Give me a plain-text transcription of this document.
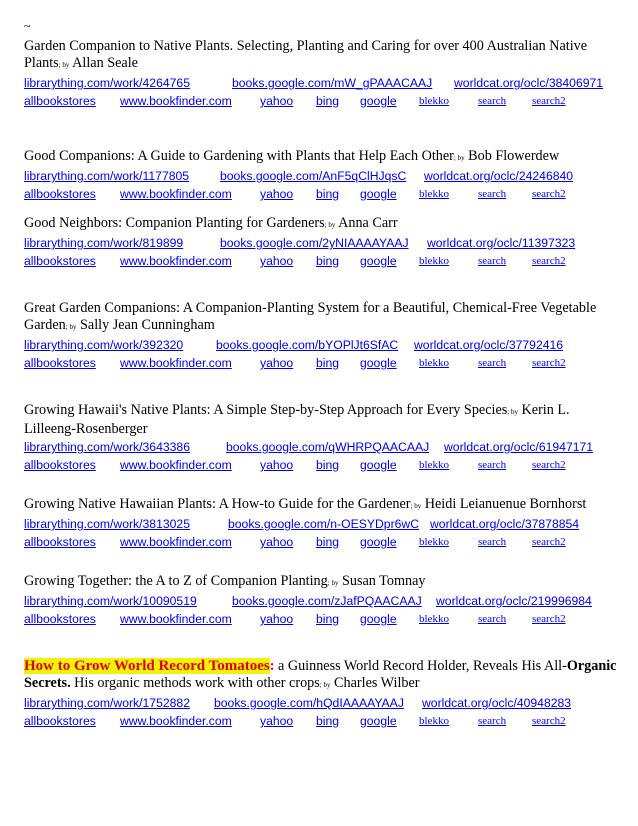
~
Garden Companion to Native Plants. Selecting, Planting and Caring for over 400 Australian Native Plants; by Allan Seale
librarything.com/work/4264765	books.google.com/mW_gPAAACAAJ worldcat.org/oclc/38406971
allbookstores www.bookfinder.com yahoo bing google blekko	search search2
Good Companions: A Guide to Gardening with Plants that Help Each Other; by Bob Flowerdew
librarything.com/work/1177805	books.google.com/AnF5qClHJqsC worldcat.org/oclc/24246840
allbookstores www.bookfinder.com yahoo bing google blekko	search search2
Good Neighbors: Companion Planting for Gardeners; by Anna Carr
librarything.com/work/819899	books.google.com/2yNIAAAAYAAJ worldcat.org/oclc/11397323
allbookstores www.bookfinder.com yahoo bing google blekko	search search2
Great Garden Companions: A Companion-Planting System for a Beautiful, Chemical-Free Vegetable Garden; by Sally Jean Cunningham
librarything.com/work/392320	books.google.com/bYOPlJt6SfAC worldcat.org/oclc/37792416
allbookstores www.bookfinder.com yahoo bing google blekko	search search2
Growing Hawaii's Native Plants: A Simple Step-by-Step Approach for Every Species; by Kerin L. Lilleeng-Rosenberger
librarything.com/work/3643386	books.google.com/qWHRPQAACAAJ worldcat.org/oclc/61947171
allbookstores www.bookfinder.com yahoo bing google blekko	search search2
Growing Native Hawaiian Plants: A How-to Guide for the Gardener; by Heidi Leianuenue Bornhorst
librarything.com/work/3813025	books.google.com/n-OESYDpr6wC worldcat.org/oclc/37878854
allbookstores www.bookfinder.com yahoo bing google blekko	search search2
Growing Together: the A to Z of Companion Planting; by Susan Tomnay
librarything.com/work/10090519	books.google.com/zJafPQAACAAJ worldcat.org/oclc/219996984
allbookstores www.bookfinder.com yahoo bing google blekko	search search2
How to Grow World Record Tomatoes: a Guinness World Record Holder, Reveals His All-Organic Secrets. His organic methods work with other crops; by Charles Wilber
librarything.com/work/1752882 books.google.com/hQdIAAAAYAAJ worldcat.org/oclc/40948283
allbookstores www.bookfinder.com yahoo bing google blekko	search search2
